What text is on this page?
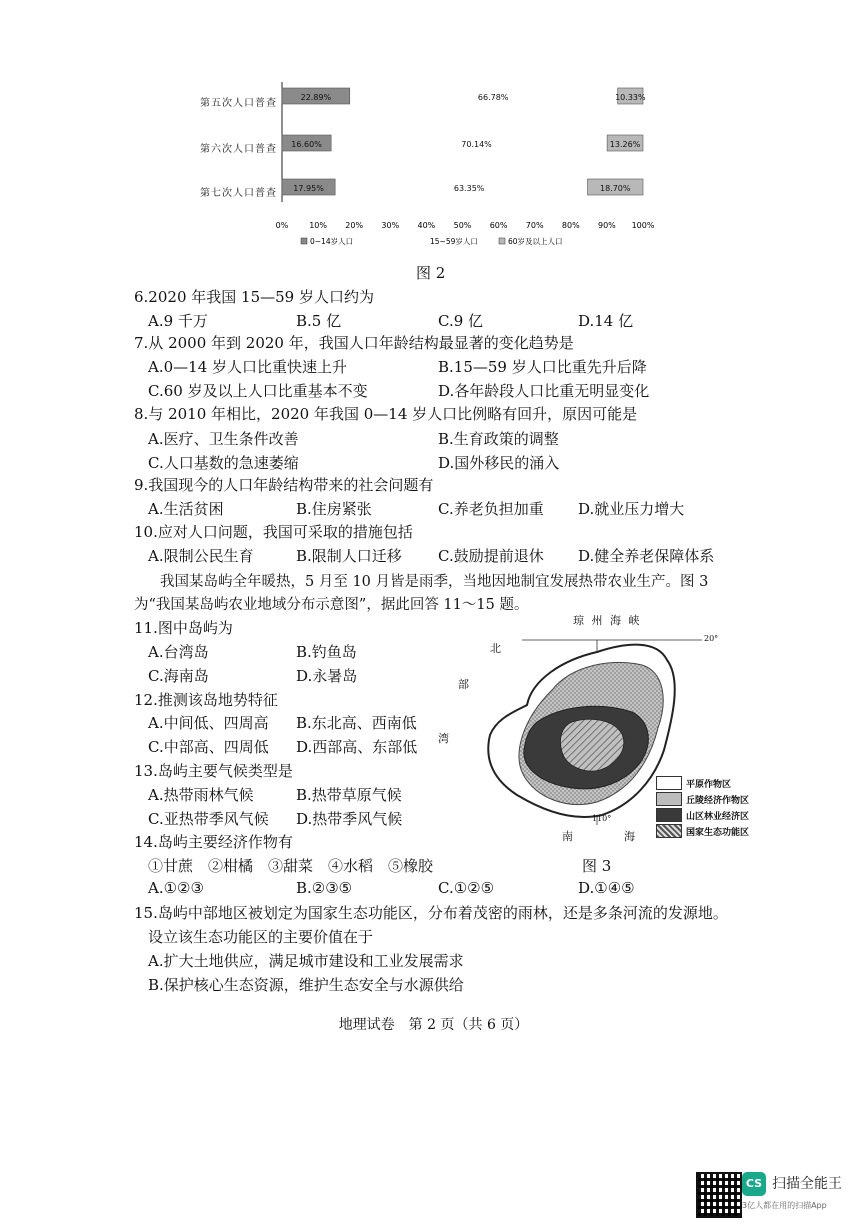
第五次人口普查
第六次人口普查
第七次人口普查
22.89%	66.78%	10.33%
16.60%	70.14%	13.26%
17.95%	63.35%	18.70%
0%	10% 20% 30% 40% 50% 60% 70% 80% 90% 100%
0~14岁人口	15~59岁人口	60岁及以上人口
图 2
6.2020 年我国 15—59 岁人口约为
A.9 千万	B.5 亿	C.9 亿	D.14 亿
7.从 2000 年到 2020 年，我国人口年龄结构最显著的变化趋势是
A.0—14 岁人口比重快速上升	B.15—59 岁人口比重先升后降
C.60 岁及以上人口比重基本不变	D.各年龄段人口比重无明显变化
8.与 2010 年相比，2020 年我国 0—14 岁人口比例略有回升，原因可能是
A.医疗、卫生条件改善	B.生育政策的调整
C.人口基数的急速萎缩	D.国外移民的涌入
9.我国现今的人口年龄结构带来的社会问题有
A.生活贫困	B.住房紧张	C.养老负担加重 D.就业压力增大
10.应对人口问题，我国可采取的措施包括
A.限制公民生育	B.限制人口迁移 C.鼓励提前退休 D.健全养老保障体系
我国某岛屿全年暖热，5 月至 10 月皆是雨季，当地因地制宜发展热带农业生产。图 3
为“我国某岛屿农业地域分布示意图”，据此回答 11～15 题。
11.图中岛屿为
A.台湾岛	B.钓鱼岛
C.海南岛	D.永暑岛
12.推测该岛地势特征
A.中间低、四周高 B.东北高、西南低
C.中部高、四周低 D.西部高、东部低
13.岛屿主要气候类型是
A.热带雨林气候	B.热带草原气候
C.亚热带季风气候 D.热带季风气候
14.岛屿主要经济作物有
①甘蔗　②柑橘　③甜菜　④水稻　⑤橡胶
A.①②③	B.②③⑤	C.①②⑤	D.①④⑤
15.岛屿中部地区被划定为国家生态功能区，分布着茂密的雨林，还是多条河流的发源地。
设立该生态功能区的主要价值在于
A.扩大土地供应，满足城市建设和工业发展需求
B.保护核心生态资源，维护生态安全与水源供给
琼 州 海 峡
20°
110°
北
部
湾
南	海
平原作物区
丘陵经济作物区
山区林业经济区
国家生态功能区
图 3
地理试卷　第 2 页（共 6 页）
CS 扫描全能王
3亿人都在用的扫描App
